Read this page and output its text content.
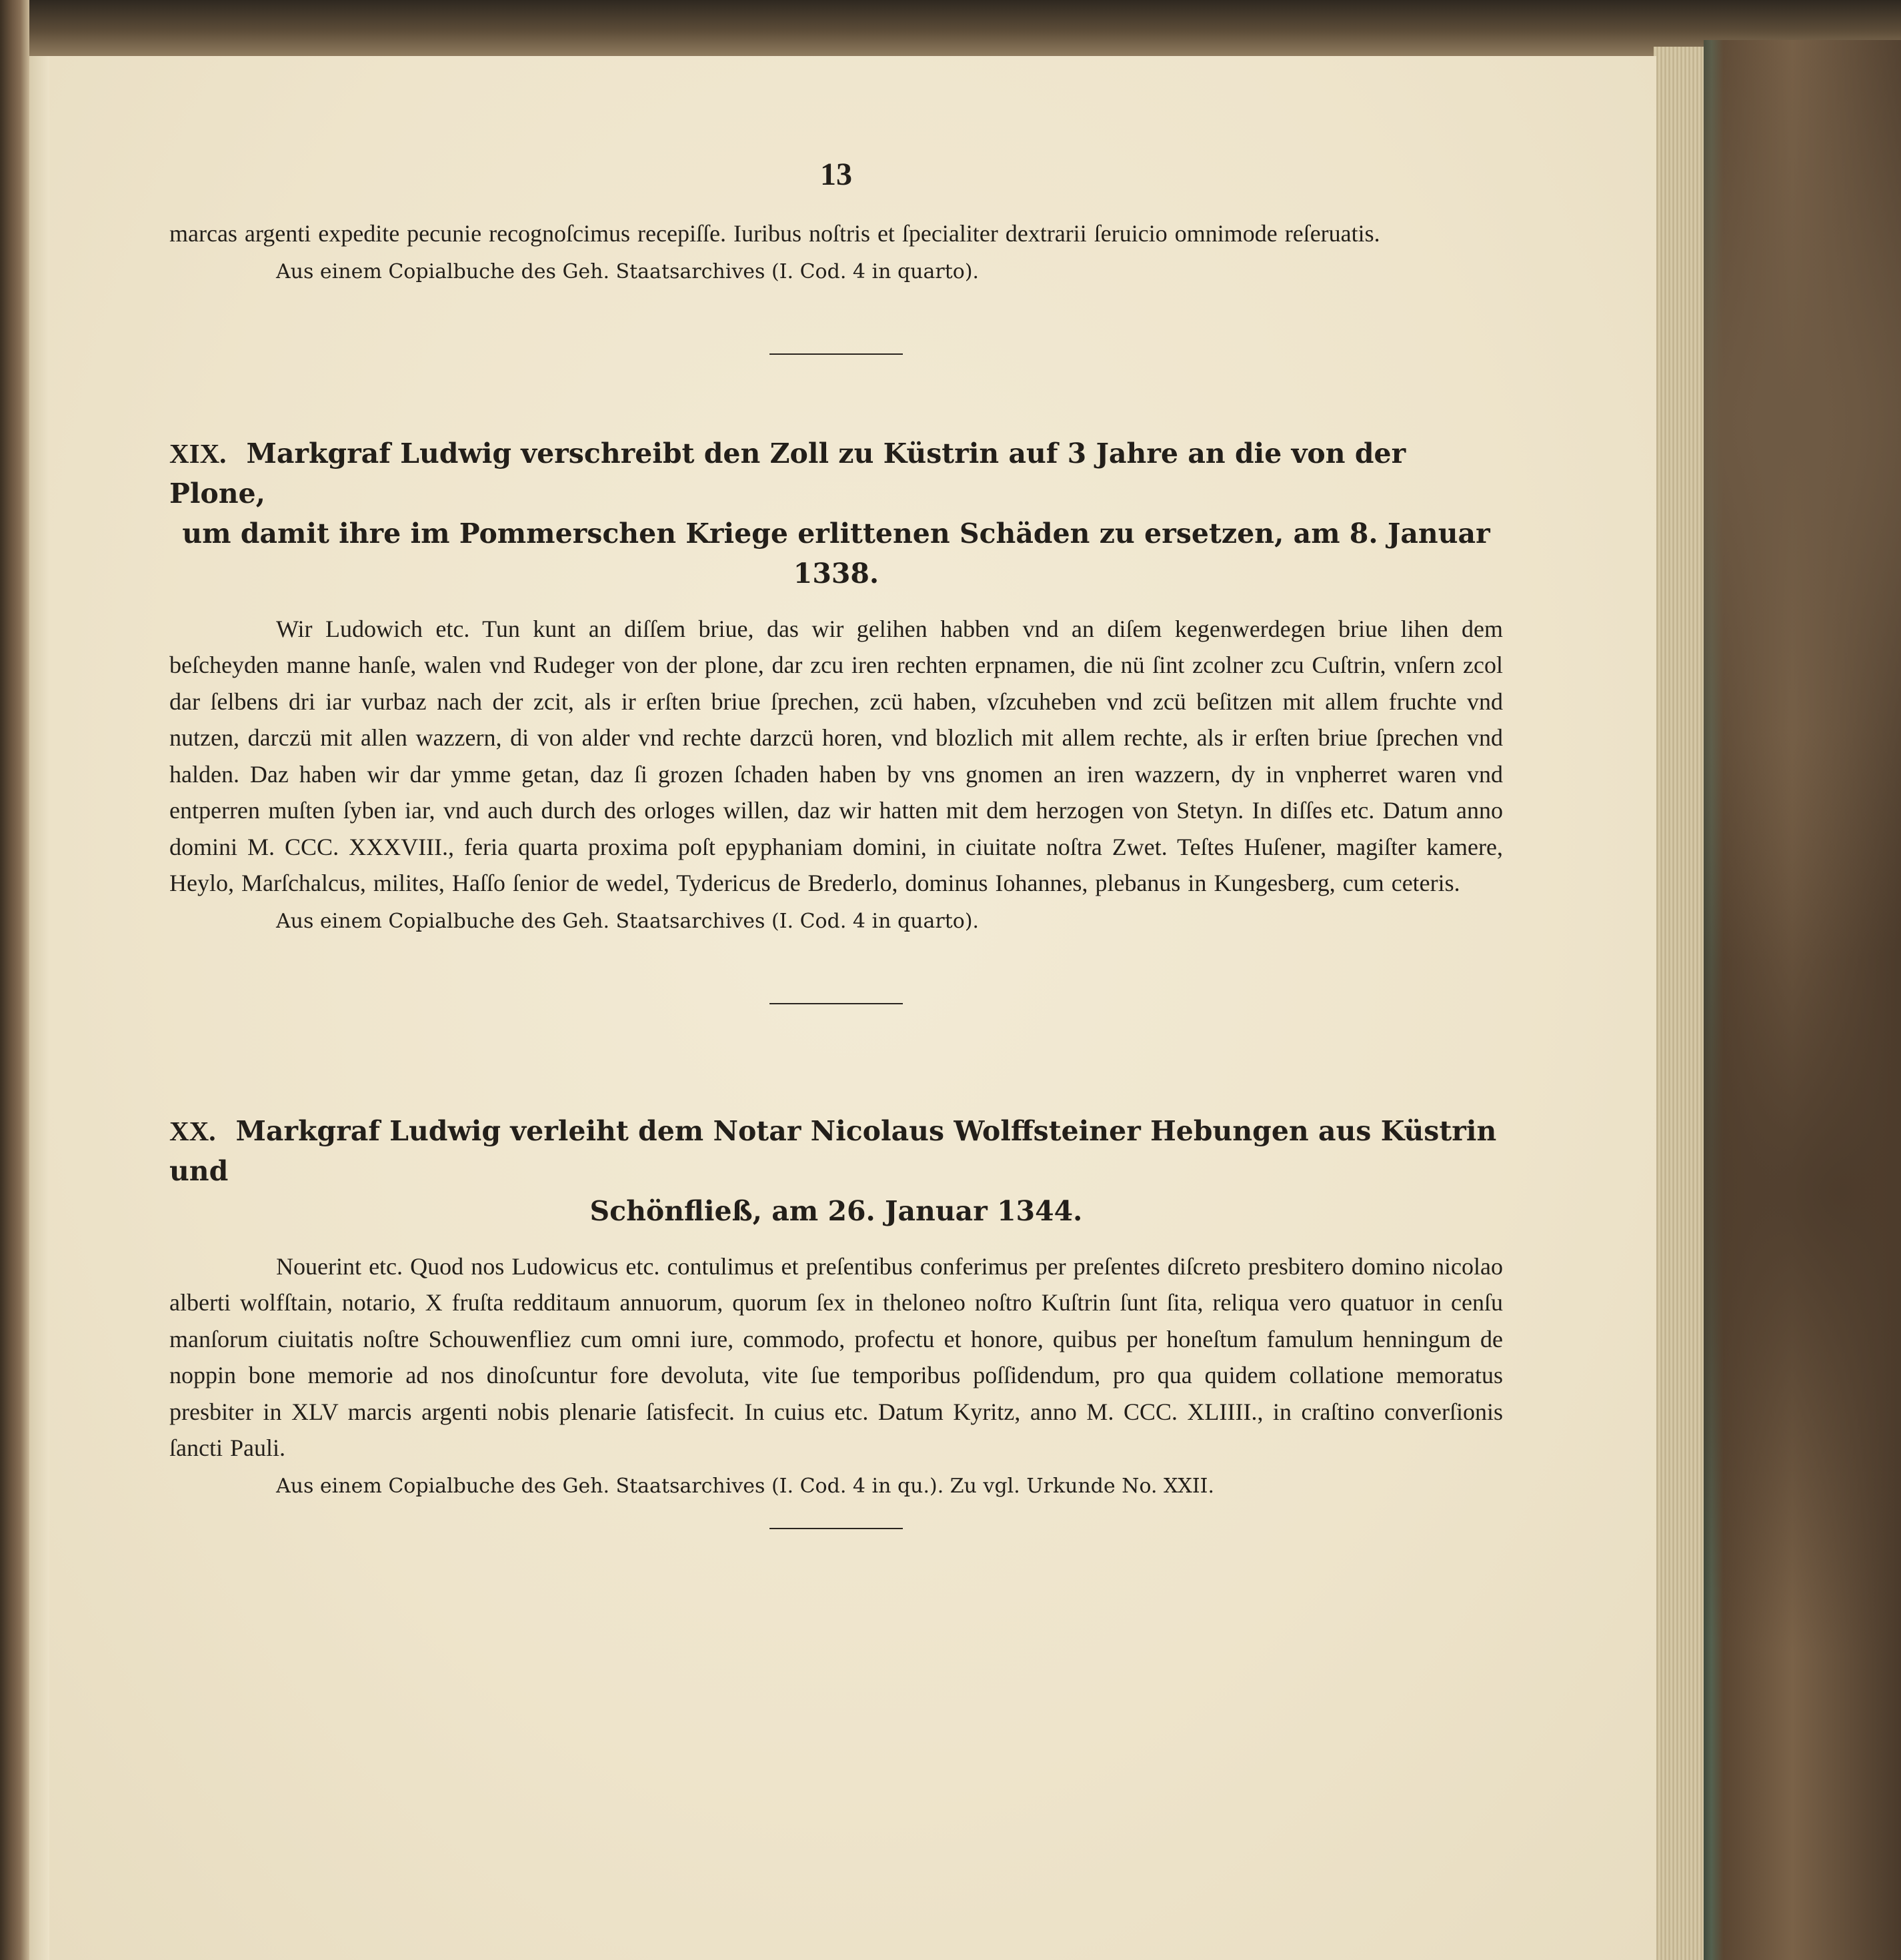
13

marcas argenti expedite pecunie recognoſcimus recepiſſe. Iuribus noſtris et ſpecialiter dextrarii ſeruicio omnimode reſeruatis.

Aus einem Copialbuche des Geh. Staatsarchives (I. Cod. 4 in quarto).
XIX. Markgraf Ludwig verschreibt den Zoll zu Küstrin auf 3 Jahre an die von der Plone,
um damit ihre im Pommerschen Kriege erlittenen Schäden zu ersetzen, am 8. Januar 1338.

Wir Ludowich etc. Tun kunt an diſſem briue, das wir gelihen habben vnd an diſem kegenwerdegen briue lihen dem beſcheyden manne hanſe, walen vnd Rudeger von der plone, dar zcu iren rechten erpnamen, die nü ſint zcolner zcu Cuſtrin, vnſern zcol dar ſelbens dri iar vurbaz nach der zcit, als ir erſten briue ſprechen, zcü haben, vſzcuheben vnd zcü beſitzen mit allem fruchte vnd nutzen, darczü mit allen wazzern, di von alder vnd rechte darzcü horen, vnd blozlich mit allem rechte, als ir erſten briue ſprechen vnd halden. Daz haben wir dar ymme getan, daz ſi grozen ſchaden haben by vns gnomen an iren wazzern, dy in vnpherret waren vnd entperren muſten ſyben iar, vnd auch durch des orloges willen, daz wir hatten mit dem herzogen von Stetyn. In diſſes etc. Datum anno domini M. CCC. XXXVIII., feria quarta proxima poſt epyphaniam domini, in ciuitate noſtra Zwet. Teſtes Huſener, magiſter kamere, Heylo, Marſchalcus, milites, Haſſo ſenior de wedel, Tydericus de Brederlo, dominus Iohannes, plebanus in Kungesberg, cum ceteris.

Aus einem Copialbuche des Geh. Staatsarchives (I. Cod. 4 in quarto).
XX. Markgraf Ludwig verleiht dem Notar Nicolaus Wolffsteiner Hebungen aus Küstrin und
Schönfließ, am 26. Januar 1344.

Nouerint etc. Quod nos Ludowicus etc. contulimus et preſentibus conferimus per preſentes diſcreto presbitero domino nicolao alberti wolfſtain, notario, X fruſta redditaum annuorum, quorum ſex in theloneo noſtro Kuſtrin ſunt ſita, reliqua vero quatuor in cenſu manſorum ciuitatis noſtre Schouwenfliez cum omni iure, commodo, profectu et honore, quibus per honeſtum famulum henningum de noppin bone memorie ad nos dinoſcuntur fore devoluta, vite ſue temporibus poſſidendum, pro qua quidem collatione memoratus presbiter in XLV marcis argenti nobis plenarie ſatisfecit. In cuius etc. Datum Kyritz, anno M. CCC. XLIIII., in craſtino converſionis ſancti Pauli.

Aus einem Copialbuche des Geh. Staatsarchives (I. Cod. 4 in qu.). Zu vgl. Urkunde No. XXII.
